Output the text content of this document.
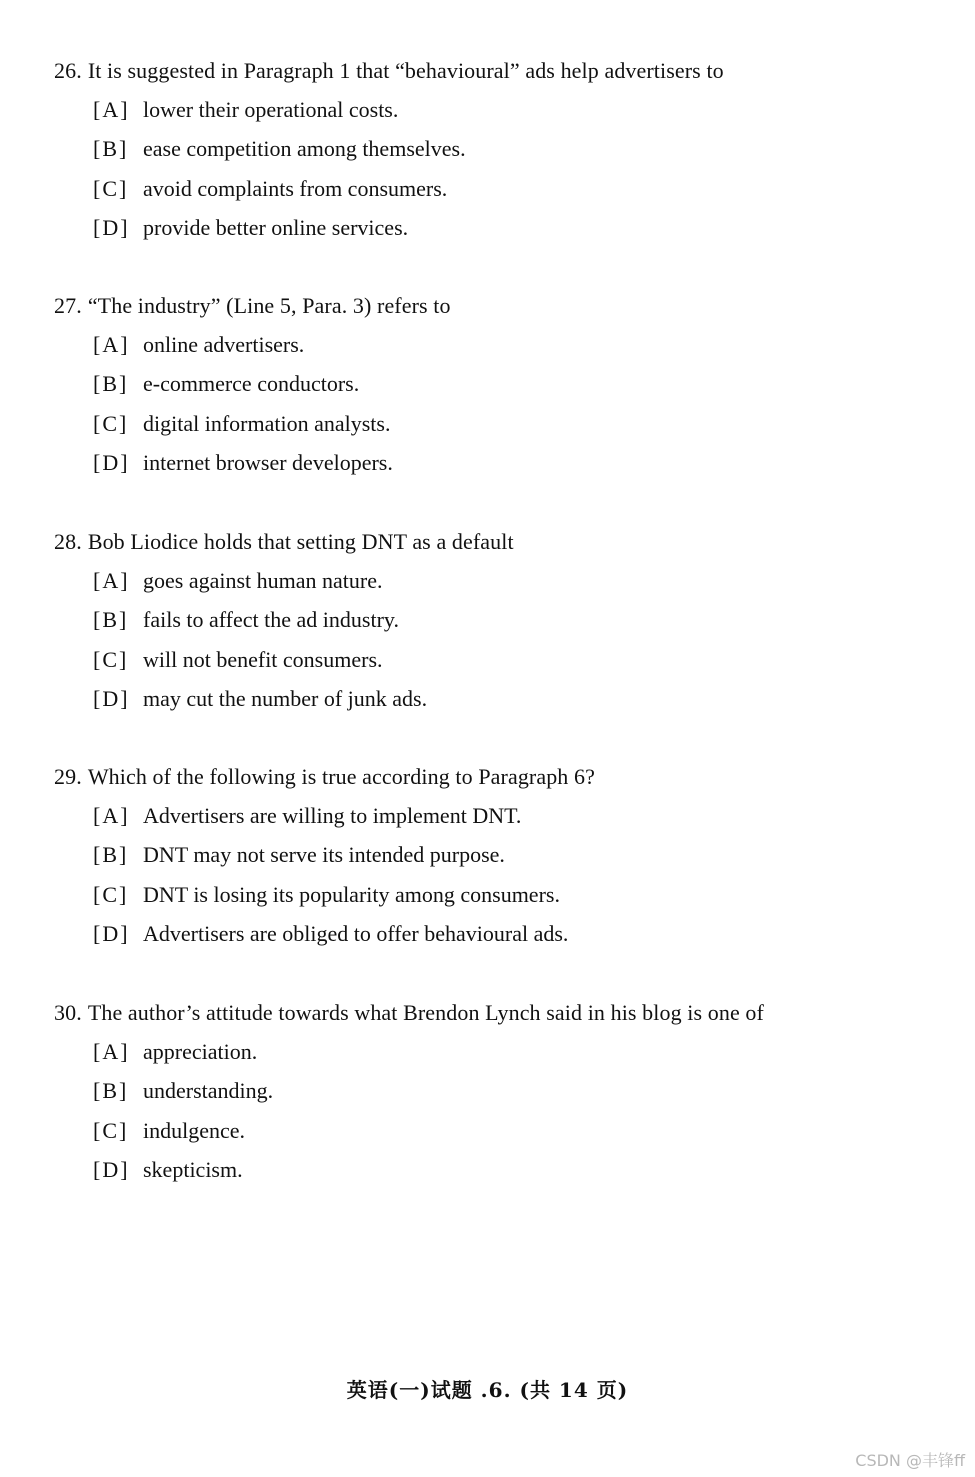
26. It is suggested in Paragraph 1 that “behavioural” ads help advertisers to
[A] lower their operational costs.
[B] ease competition among themselves.
[C] avoid complaints from consumers.
[D] provide better online services.
27. “The industry” (Line 5, Para. 3) refers to
[A] online advertisers.
[B] e-commerce conductors.
[C] digital information analysts.
[D] internet browser developers.
28. Bob Liodice holds that setting DNT as a default
[A] goes against human nature.
[B] fails to affect the ad industry.
[C] will not benefit consumers.
[D] may cut the number of junk ads.
29. Which of the following is true according to Paragraph 6?
[A] Advertisers are willing to implement DNT.
[B] DNT may not serve its intended purpose.
[C] DNT is losing its popularity among consumers.
[D] Advertisers are obliged to offer behavioural ads.
30. The author’s attitude towards what Brendon Lynch said in his blog is one of
[A] appreciation.
[B] understanding.
[C] indulgence.
[D] skepticism.
英语(一)试题 .6. (共 14 页)
CSDN @丰锋ff
